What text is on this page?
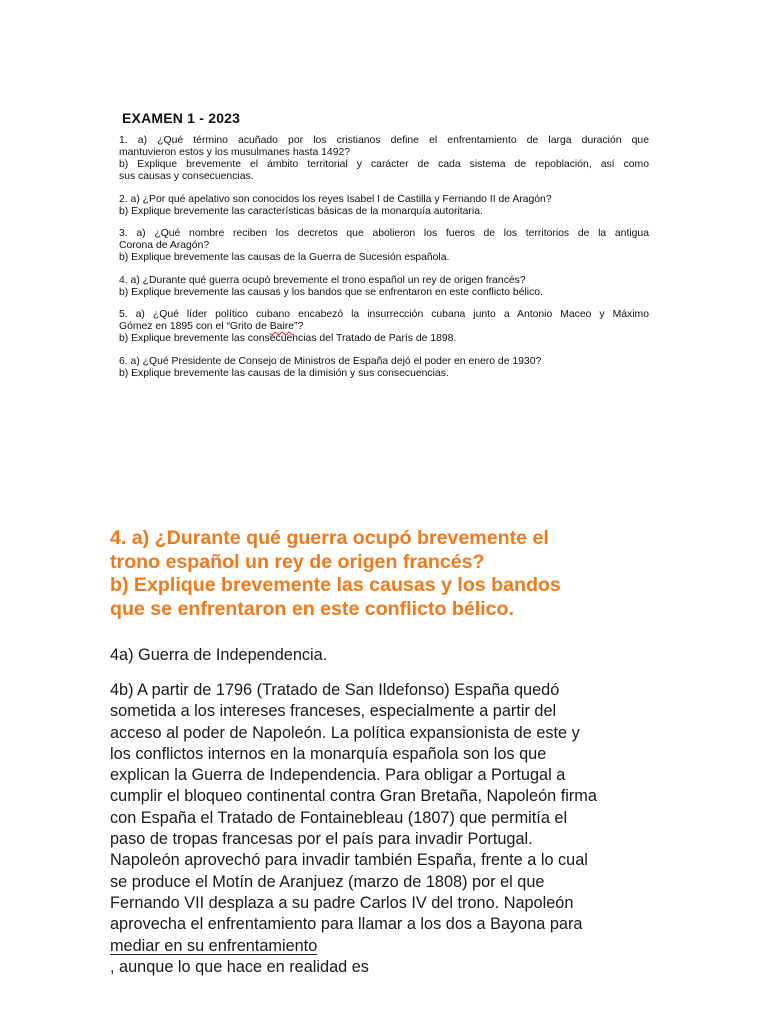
EXAMEN 1 - 2023
1. a) ¿Qué término acuñado por los cristianos define el enfrentamiento de larga duración que
mantuvieron estos y los musulmanes hasta 1492?
b) Explique brevemente el ámbito territorial y carácter de cada sistema de repoblación, así como
sus causas y consecuencias.
2. a) ¿Por qué apelativo son conocidos los reyes Isabel I de Castilla y Fernando II de Aragón?
b) Explique brevemente las características básicas de la monarquía autoritaria.
3. a) ¿Qué nombre reciben los decretos que abolieron los fueros de los territorios de la antigua
Corona de Aragón?
b) Explique brevemente las causas de la Guerra de Sucesión española.
4. a) ¿Durante qué guerra ocupó brevemente el trono español un rey de origen francés?
b) Explique brevemente las causas y los bandos que se enfrentaron en este conflicto bélico.
5. a) ¿Qué líder político cubano encabezó la insurrección cubana junto a Antonio Maceo y Máximo
Gómez en 1895 con el “Grito de Baire”?
b) Explique brevemente las consecuencias del Tratado de París de 1898.
6. a) ¿Qué Presidente de Consejo de Ministros de España dejó el poder en enero de 1930?
b) Explique brevemente las causas de la dimisión y sus consecuencias.
4. a) ¿Durante qué guerra ocupó brevemente el
trono español un rey de origen francés?
b) Explique brevemente las causas y los bandos
que se enfrentaron en este conflicto bélico.

4a) Guerra de Independencia.

4b) A partir de 1796 (Tratado de San Ildefonso) España quedó
sometida a los intereses franceses, especialmente a partir del
acceso al poder de Napoleón. La política expansionista de este y
los conflictos internos en la monarquía española son los que
explican la Guerra de Independencia. Para obligar a Portugal a
cumplir el bloqueo continental contra Gran Bretaña, Napoleón firma
con España el Tratado de Fontainebleau (1807) que permitía el
paso de tropas francesas por el país para invadir Portugal.
Napoleón aprovechó para invadir también España, frente a lo cual
se produce el Motín de Aranjuez (marzo de 1808) por el que
Fernando VII desplaza a su padre Carlos IV del trono. Napoleón
aprovecha el enfrentamiento para llamar a los dos a Bayona para
mediar en su enfrentamiento
, aunque lo que hace en realidad es
